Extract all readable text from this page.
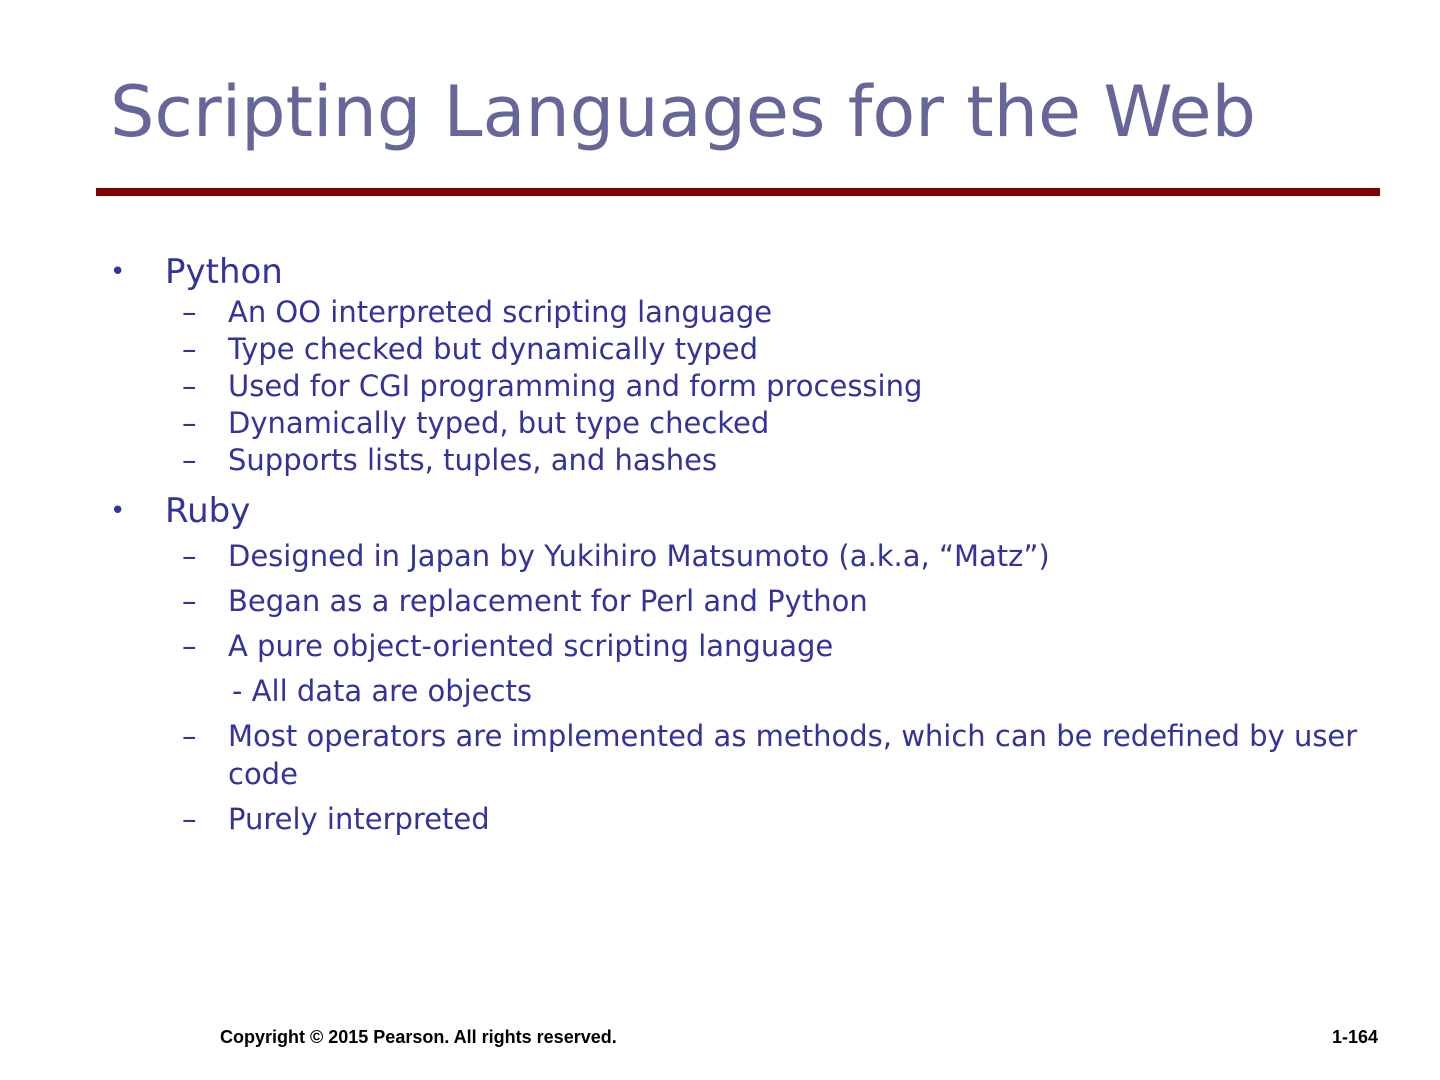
Scripting Languages for the Web
• Python
– An OO interpreted scripting language
– Type checked but dynamically typed
– Used for CGI programming and form processing
– Dynamically typed, but type checked
– Supports lists, tuples, and hashes
• Ruby
– Designed in Japan by Yukihiro Matsumoto (a.k.a, “Matz”)
– Began as a replacement for Perl and Python
– A pure object-oriented scripting language
- All data are objects
– Most operators are implemented as methods, which can be redefined by user code
– Purely interpreted
Copyright © 2015 Pearson. All rights reserved.	1-164
